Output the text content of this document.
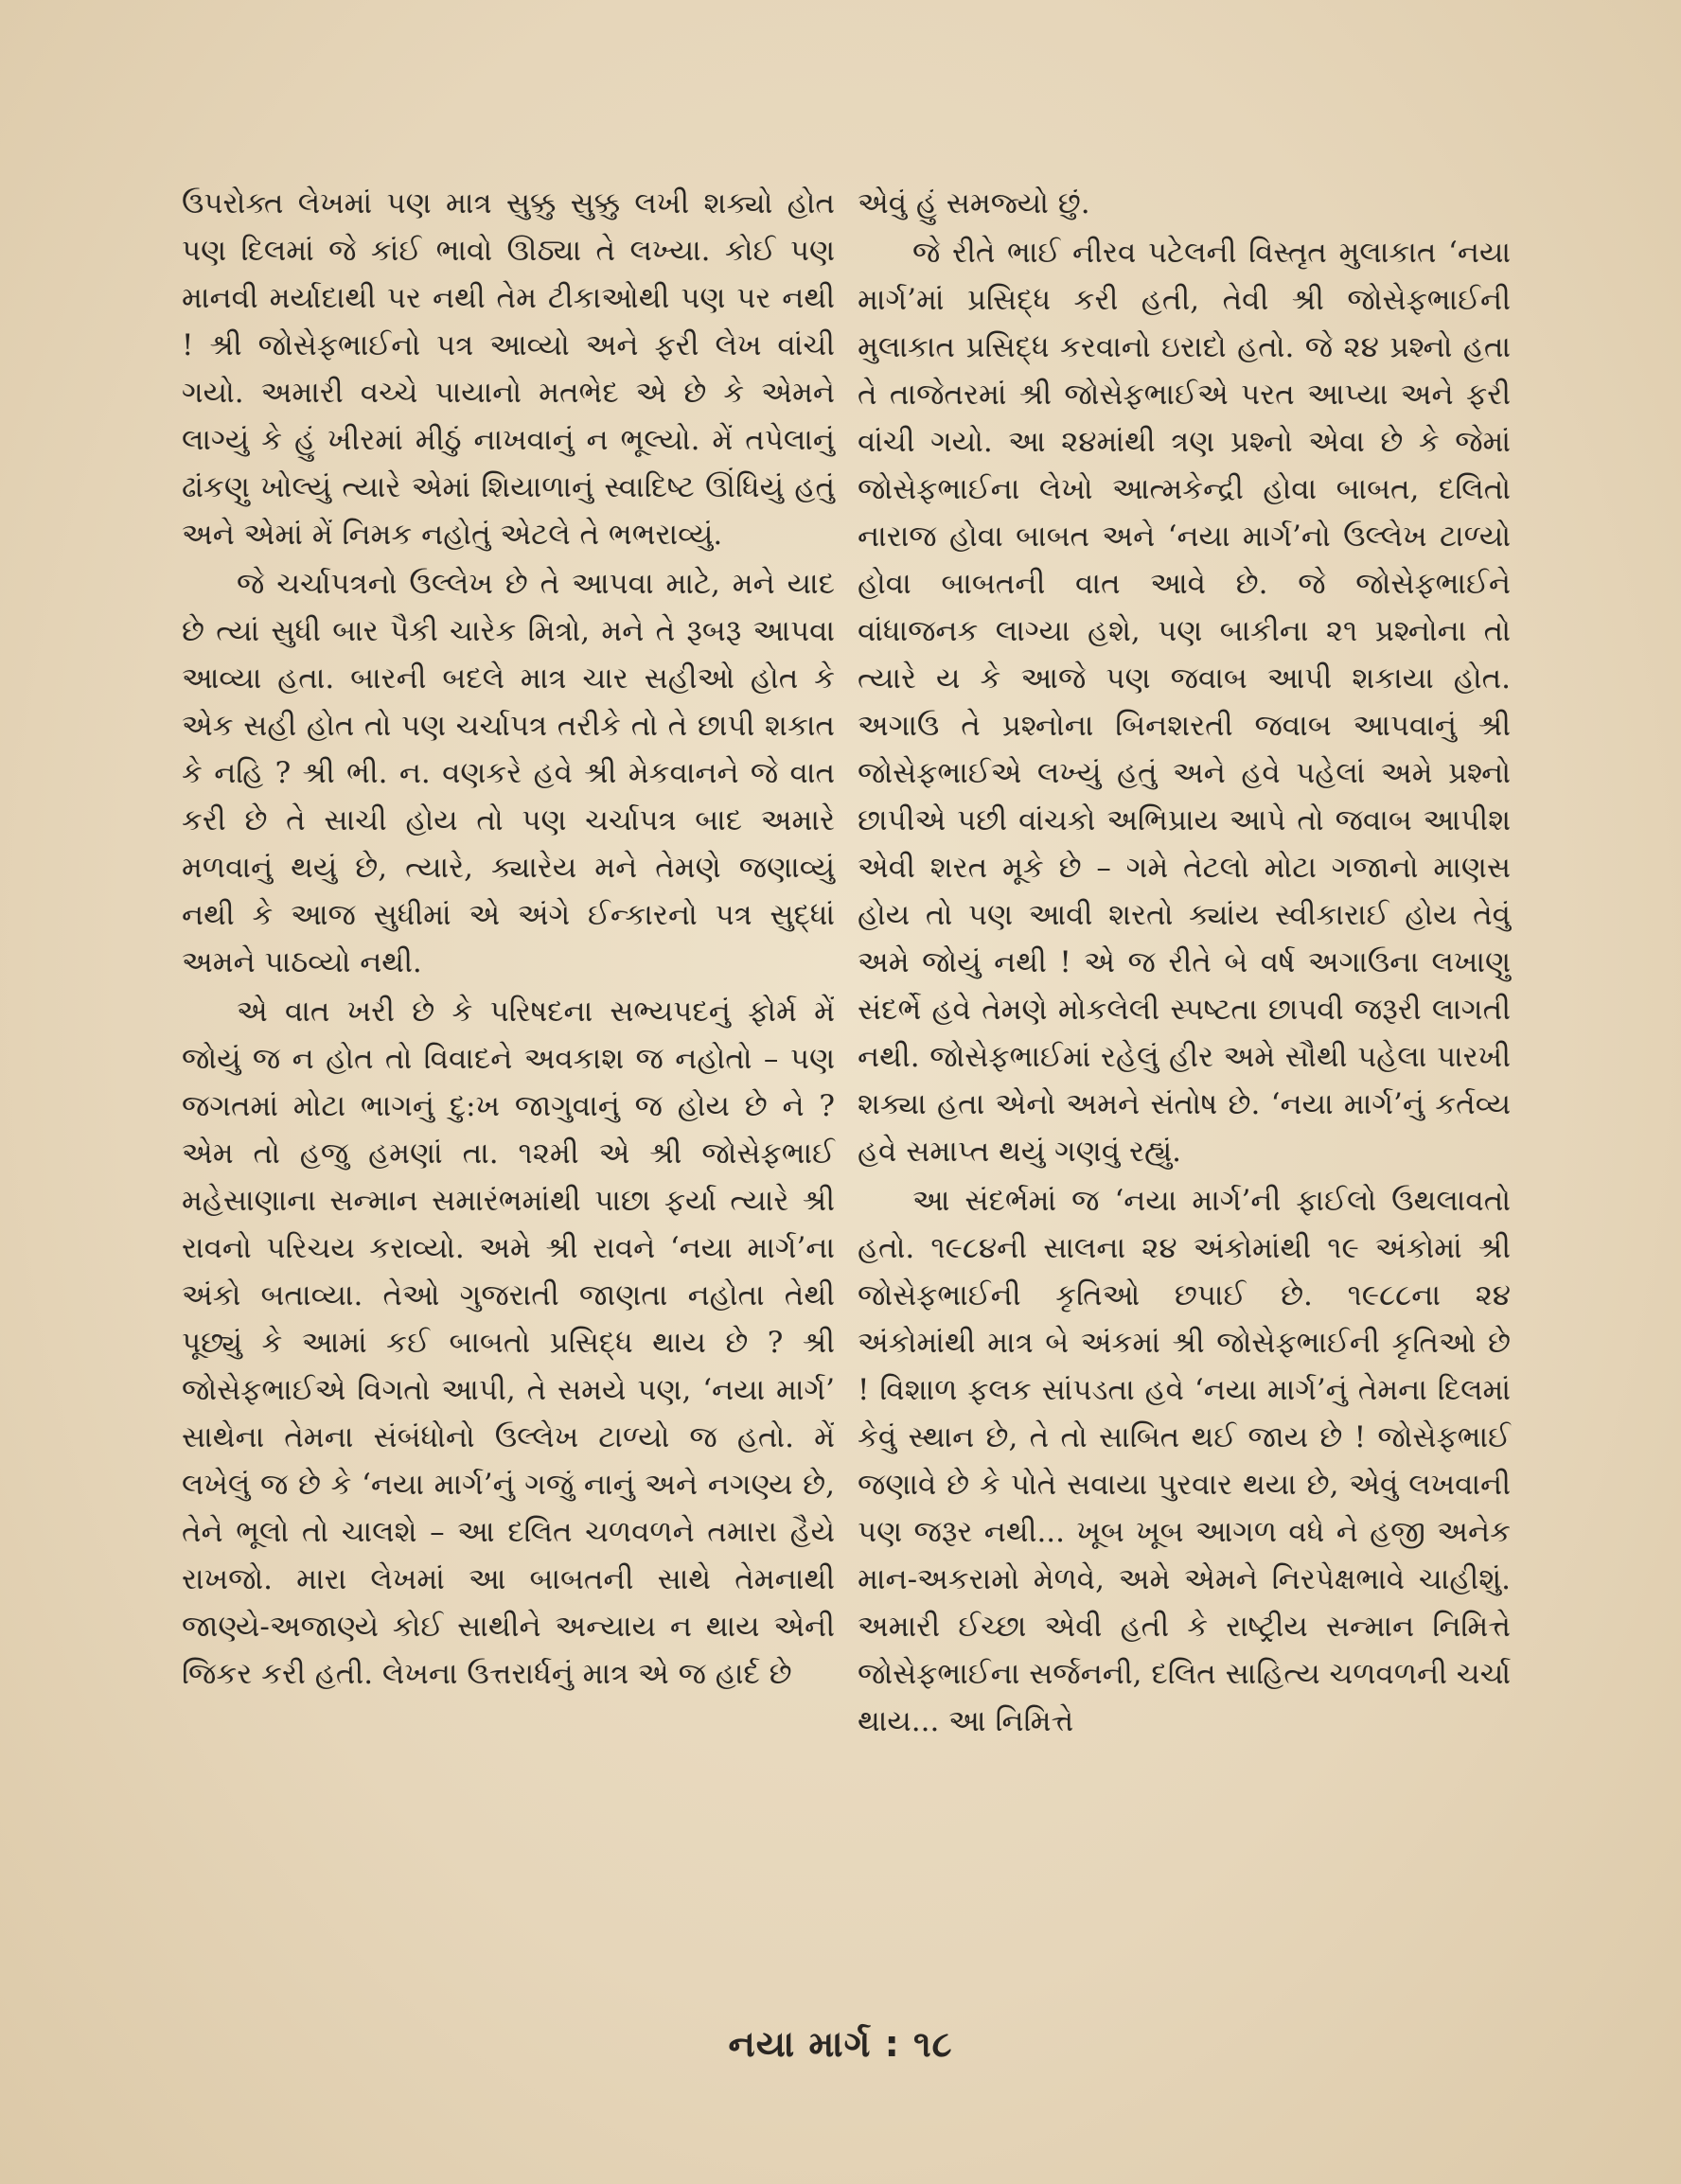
ઉપરોક્ત લેખમાં પણ માત્ર સુક્કુ સુક્કુ લખી શક્યો હોત પણ દિલમાં જે કાંઈ ભાવો ઊઠ્યા તે લખ્યા. કોઈ પણ માનવી મર્યાદાથી પર નથી તેમ ટીકાઓથી પણ પર નથી ! શ્રી જોસેફભાઈનો પત્ર આવ્યો અને ફરી લેખ વાંચી ગયો. અમારી વચ્ચે પાયાનો મતભેદ એ છે કે એમને લાગ્યું કે હું ખીરમાં મીઠું નાખવાનું ન ભૂલ્યો. મેં તપેલાનું ઢાંકણુ ખોલ્યું ત્યારે એમાં શિયાળાનું સ્વાદિષ્ટ ઊંધિયું હતું અને એમાં મેં નિમક નહોતું એટલે તે ભભરાવ્યું.

જે ચર્ચાપત્રનો ઉલ્લેખ છે તે આપવા માટે, મને યાદ છે ત્યાં સુધી બાર પૈકી ચારેક મિત્રો, મને તે રૂબરૂ આપવા આવ્યા હતા. બારની બદલે માત્ર ચાર સહીઓ હોત કે એક સહી હોત તો પણ ચર્ચાપત્ર તરીકે તો તે છાપી શકાત કે નહિ ? શ્રી ભી. ન. વણકરે હવે શ્રી મેકવાનને જે વાત કરી છે તે સાચી હોય તો પણ ચર્ચાપત્ર બાદ અમારે મળવાનું થયું છે, ત્યારે, ક્યારેય મને તેમણે જણાવ્યું નથી કે આજ સુધીમાં એ અંગે ઈન્કારનો પત્ર સુદ્ધાં અમને પાઠવ્યો નથી.

એ વાત ખરી છે કે પરિષદના સભ્યપદનું ફોર્મ મેં જોયું જ ન હોત તો વિવાદને અવકાશ જ નહોતો – પણ જગતમાં મોટા ભાગનું દુ:ખ જાગુવાનું જ હોય છે ને ? એમ તો હજુ હમણાં તા. ૧૨મી એ શ્રી જોસેફભાઈ મહેસાણાના સન્માન સમારંભમાંથી પાછા ફર્યા ત્યારે શ્રી રાવનો પરિચય કરાવ્યો. અમે શ્રી રાવને ‘નયા માર્ગ’ના અંકો બતાવ્યા. તેઓ ગુજરાતી જાણતા નહોતા તેથી પૂછ્યું કે આમાં કઈ બાબતો પ્રસિદ્ધ થાય છે ? શ્રી જોસેફભાઈએ વિગતો આપી, તે સમયે પણ, ‘નયા માર્ગ’ સાથેના તેમના સંબંધોનો ઉલ્લેખ ટાળ્યો જ હતો. મેં લખેલું જ છે કે ‘નયા માર્ગ’નું ગજું નાનું અને નગણ્ય છે, તેને ભૂલો તો ચાલશે – આ દલિત ચળવળને તમારા હૈયે રાખજો. મારા લેખમાં આ બાબતની સાથે તેમનાથી જાણ્યે-અજાણ્યે કોઈ સાથીને અન્યાય ન થાય એની જિકર કરી હતી. લેખના ઉત્તરાર્ધનું માત્ર એ જ હાર્દ છે

એવું હું સમજ્યો છું.

જે રીતે ભાઈ નીરવ પટેલની વિસ્તૃત મુલાકાત ‘નયા માર્ગ’માં પ્રસિદ્ધ કરી હતી, તેવી શ્રી જોસેફભાઈની મુલાકાત પ્રસિદ્ધ કરવાનો ઇરાદો હતો. જે ૨૪ પ્રશ્નો હતા તે તાજેતરમાં શ્રી જોસેફભાઈએ પરત આપ્યા અને ફરી વાંચી ગયો. આ ૨૪માંથી ત્રણ પ્રશ્નો એવા છે કે જેમાં જોસેફભાઈના લેખો આત્મકેન્દ્રી હોવા બાબત, દલિતો નારાજ હોવા બાબત અને ‘નયા માર્ગ’નો ઉલ્લેખ ટાળ્યો હોવા બાબતની વાત આવે છે. જે જોસેફભાઈને વાંધાજનક લાગ્યા હશે, પણ બાકીના ૨૧ પ્રશ્નોના તો ત્યારે ય કે આજે પણ જવાબ આપી શકાયા હોત. અગાઉ તે પ્રશ્નોના બિનશરતી જવાબ આપવાનું શ્રી જોસેફભાઈએ લખ્યું હતું અને હવે પહેલાં અમે પ્રશ્નો છાપીએ પછી વાંચકો અભિપ્રાય આપે તો જવાબ આપીશ એવી શરત મૂકે છે – ગમે તેટલો મોટા ગજાનો માણસ હોય તો પણ આવી શરતો ક્યાંય સ્વીકારાઈ હોય તેવું અમે જોયું નથી ! એ જ રીતે બે વર્ષ અગાઉના લખાણુ સંદર્ભે હવે તેમણે મોકલેલી સ્પષ્ટતા છાપવી જરૂરી લાગતી નથી. જોસેફભાઈમાં રહેલું હીર અમે સૌથી પહેલા પારખી શક્યા હતા એનો અમને સંતોષ છે. ‘નયા માર્ગ’નું કર્તવ્ય હવે સમાપ્ત થયું ગણવું રહ્યું.

આ સંદર્ભમાં જ ‘નયા માર્ગ’ની ફાઈલો ઉથલાવતો હતો. ૧૯૮૪ની સાલના ૨૪ અંકોમાંથી ૧૯ અંકોમાં શ્રી જોસેફભાઈની કૃતિઓ છપાઈ છે. ૧૯૮૮ના ૨૪ અંકોમાંથી માત્ર બે અંકમાં શ્રી જોસેફભાઈની કૃતિઓ છે ! વિશાળ ફલક સાંપડતા હવે ‘નયા માર્ગ’નું તેમના દિલમાં કેવું સ્થાન છે, તે તો સાબિત થઈ જાય છે ! જોસેફભાઈ જણાવે છે કે પોતે સવાયા પુરવાર થયા છે, એવું લખવાની પણ જરૂર નથી... ખૂબ ખૂબ આગળ વધે ને હજી અનેક માન-અકરામો મેળવે, અમે એમને નિરપેક્ષભાવે ચાહીશું. અમારી ઈચ્છા એવી હતી કે રાષ્ટ્રીય સન્માન નિમિત્તે જોસેફભાઈના સર્જનની, દલિત સાહિત્ય ચળવળની ચર્ચા થાય... આ નિમિત્તે

નયા માર્ગ : ૧૮
